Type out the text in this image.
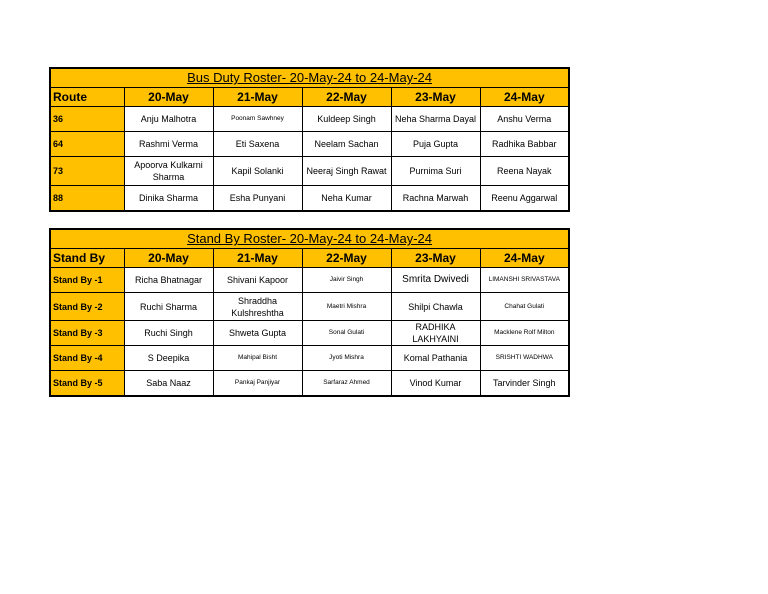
Bus Duty Roster- 20-May-24 to 24-May-24					
Route	20-May	21-May	22-May	23-May	24-May
36	Anju Malhotra	Poonam Sawhney	Kuldeep Singh	Neha Sharma Dayal	Anshu Verma
64	Rashmi Verma	Eti Saxena	Neelam Sachan	Puja Gupta	Radhika Babbar
73	Apoorva Kulkarni Sharma	Kapil Solanki	Neeraj Singh Rawat	Purnima Suri	Reena Nayak
88	Dinika Sharma	Esha Punyani	Neha Kumar	Rachna Marwah	Reenu Aggarwal
Stand By Roster- 20-May-24 to 24-May-24					
Stand By	20-May	21-May	22-May	23-May	24-May
Stand By -1	Richa Bhatnagar	Shivani Kapoor	Jaivir Singh	Smrita Dwivedi	LIMANSHI SRIVASTAVA
Stand By -2	Ruchi Sharma	Shraddha Kulshreshtha	Maetri Mishra	Shilpi Chawla	Chahat Gulati
Stand By -3	Ruchi Singh	Shweta Gupta	Sonal Gulati	RADHIKA LAKHYAINI	Macklene Rolf Milton
Stand By -4	S Deepika	Mahipal Bisht	Jyoti Mishra	Komal Pathania	SRISHTI WADHWA
Stand By -5	Saba Naaz	Pankaj Panjiyar	Sarfaraz Ahmed	Vinod Kumar	Tarvinder Singh
